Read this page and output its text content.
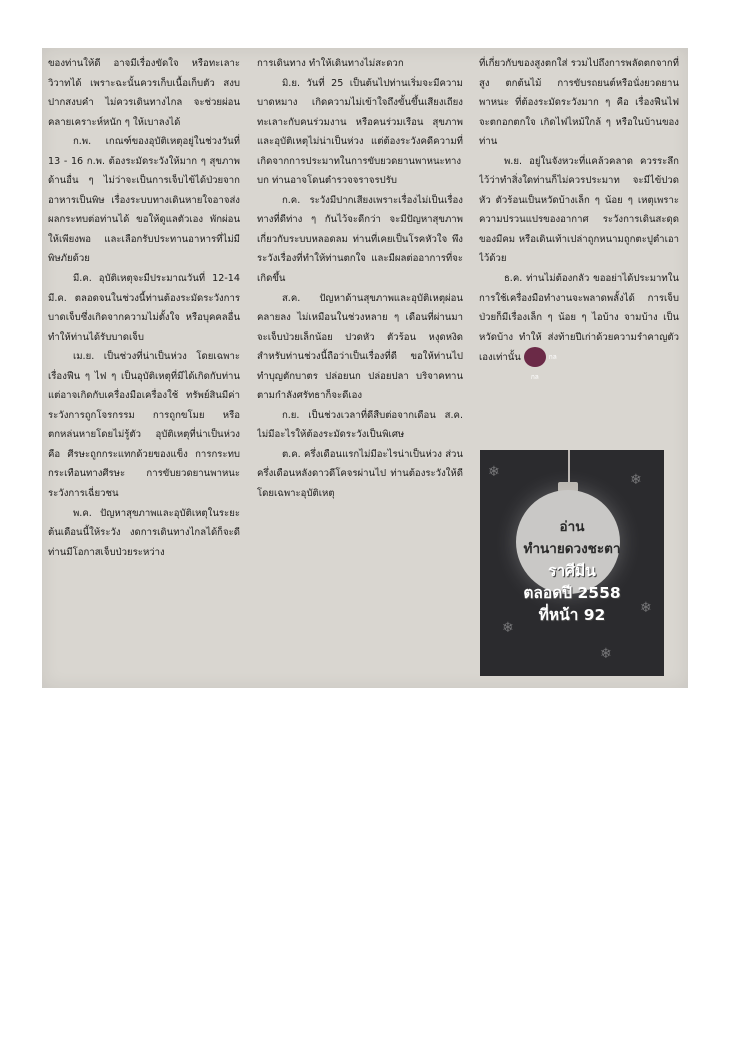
ของท่านให้ดี อาจมีเรื่องขัดใจ หรือทะเลาะวิวาทได้ เพราะฉะนั้นควรเก็บเนื้อเก็บตัว สงบปากสงบคำ ไม่ควรเดินทางไกล จะช่วยผ่อนคลายเคราะห์หนัก ๆ ให้เบาลงได้

ก.พ. เกณฑ์ของอุบัติเหตุอยู่ในช่วงวันที่ 13 - 16 ก.พ. ต้องระมัดระวังให้มาก ๆ สุขภาพด้านอื่น ๆ ไม่ว่าจะเป็นการเจ็บไข้ได้ป่วยจากอาหารเป็นพิษ เรื่องระบบทางเดินหายใจอาจส่งผลกระทบต่อท่านได้ ขอให้ดูแลตัวเอง พักผ่อนให้เพียงพอ และเลือกรับประทานอาหารที่ไม่มีพิษภัยด้วย

มี.ค. อุบัติเหตุจะมีประมาณวันที่ 12-14 มี.ค. ตลอดจนในช่วงนี้ท่านต้องระมัดระวังการบาดเจ็บซึ่งเกิดจากความไม่ตั้งใจ หรือบุคคลอื่นทำให้ท่านได้รับบาดเจ็บ

เม.ย. เป็นช่วงที่น่าเป็นห่วง โดยเฉพาะเรื่องฟืน ๆ ไฟ ๆ เป็นอุบัติเหตุที่มีได้เกิดกับท่าน แต่อาจเกิดกับเครื่องมือเครื่องใช้ ทรัพย์สินมีค่า ระวังการถูกโจรกรรม การถูกขโมย หรือตกหล่นหายโดยไม่รู้ตัว อุบัติเหตุที่น่าเป็นห่วงคือ ศีรษะถูกกระแทกด้วยของแข็ง การกระทบกระเทือนทางศีรษะ การขับยวดยานพาหนะ ระวังการเฉี่ยวชน

พ.ค. ปัญหาสุขภาพและอุบัติเหตุในระยะต้นเดือนนี้ให้ระวัง งดการเดินทางไกลได้ก็จะดี ท่านมีโอกาสเจ็บป่วยระหว่าง

การเดินทาง ทำให้เดินทางไม่สะดวก

มิ.ย. วันที่ 25 เป็นต้นไปท่านเริ่มจะมีความบาดหมาง เกิดความไม่เข้าใจถึงขั้นขึ้นเสียงเถียงทะเลาะกับคนร่วมงาน หรือคนร่วมเรือน สุขภาพและอุบัติเหตุไม่น่าเป็นห่วง แต่ต้องระวังคดีความที่เกิดจากการประมาทในการขับยวดยานพาหนะทางบก ท่านอาจโดนตำรวจจราจรปรับ

ก.ค. ระวังมีปากเสียงเพราะเรื่องไม่เป็นเรื่อง ทางที่ดีท่าง ๆ กันไว้จะดีกว่า จะมีปัญหาสุขภาพเกี่ยวกับระบบหลอดลม ท่านที่เคยเป็นโรคหัวใจ พึงระวังเรื่องที่ทำให้ท่านตกใจ และมีผลต่ออาการที่จะเกิดขึ้น

ส.ค. ปัญหาด้านสุขภาพและอุบัติเหตุผ่อนคลายลง ไม่เหมือนในช่วงหลาย ๆ เดือนที่ผ่านมา จะเจ็บป่วยเล็กน้อย ปวดหัว ตัวร้อน หงุดหงิด สำหรับท่านช่วงนี้ถือว่าเป็นเรื่องที่ดี ขอให้ท่านไปทำบุญตักบาตร ปล่อยนก ปล่อยปลา บริจาคทานตามกำลังศรัทธาก็จะดีเอง

ก.ย. เป็นช่วงเวลาที่ดีสืบต่อจากเดือน ส.ค. ไม่มีอะไรให้ต้องระมัดระวังเป็นพิเศษ

ต.ค. ครึ่งเดือนแรกไม่มีอะไรน่าเป็นห่วง ส่วนครึ่งเดือนหลังดาวดีโคจรผ่านไป ท่านต้องระวังให้ดี โดยเฉพาะอุบัติเหตุ

ที่เกี่ยวกับของสูงตกใส่ รวมไปถึงการพลัดตกจากที่สูง ตกต้นไม้ การขับรถยนต์หรือนั่งยวดยานพาหนะ ที่ต้องระมัดระวังมาก ๆ คือ เรื่องฟืนไฟ จะตกอกตกใจ เกิดไฟไหม้ใกล้ ๆ หรือในบ้านของท่าน

พ.ย. อยู่ในจังหวะที่แคล้วคลาด ควรระลึกไว้ว่าทำสิ่งใดท่านก็ไม่ควรประมาท จะมีไข้ปวดหัว ตัวร้อนเป็นหวัดบ้างเล็ก ๆ น้อย ๆ เหตุเพราะความปรวนแปรของอากาศ ระวังการเดินสะดุดของมีคม หรือเดินเท้าเปล่าถูกหนามถูกตะปูตำเอาไว้ด้วย

ธ.ค. ท่านไม่ต้องกลัว ขออย่าได้ประมาทในการใช้เครื่องมือทำงานจะพลาดพลั้งได้ การเจ็บป่วยก็มีเรื่องเล็ก ๆ น้อย ๆ ไอบ้าง จามบ้าง เป็นหวัดบ้าง ทำให้ ส่งท้ายปีเก่าด้วยความรำคาญตัวเองเท่านั้น	กล กล

❄	❄
❄
❄
❄
อ่าน
ทำนายดวงชะตา
ราศีมีน
ตลอดปี 2558
ที่หน้า 92
